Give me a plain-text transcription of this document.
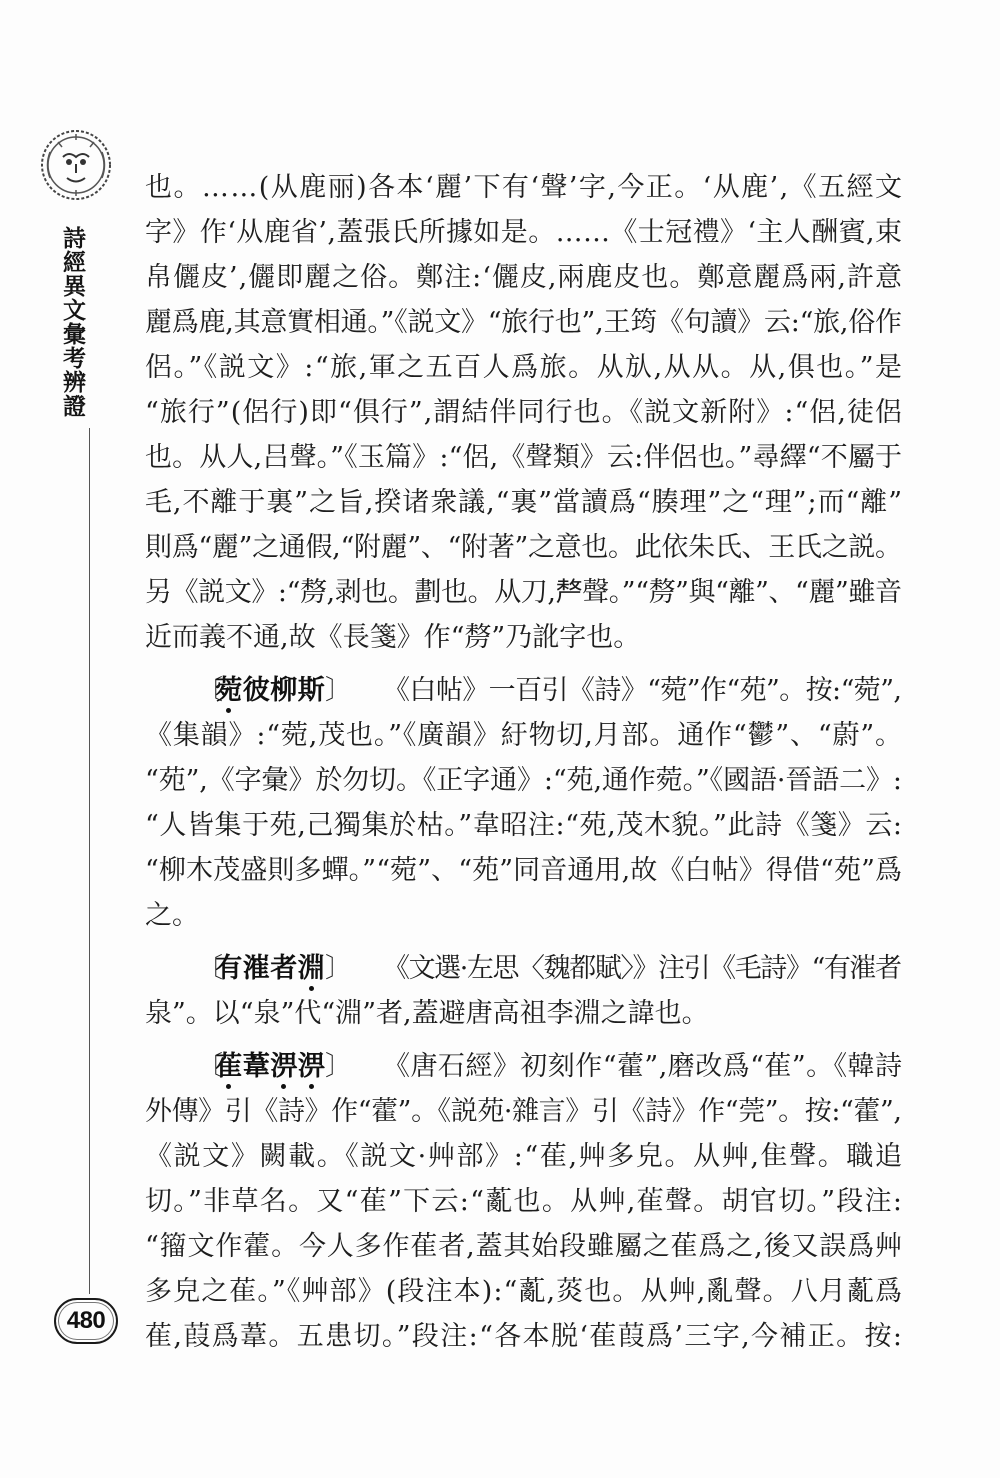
詩經異文彙考辨證
480
也。……(从鹿丽)各本‘麗’下有‘聲’字,今正。‘从鹿’,《五經文
字》作‘从鹿省’,蓋張氏所據如是。……《士冠禮》‘主人酬賓,束
帛儷皮’,儷即麗之俗。鄭注:‘儷皮,兩鹿皮也。鄭意麗爲兩,許意
麗爲鹿,其意實相通。”《説文》“旅行也”,王筠《句讀》云:“旅,俗作
侶。”《説文》:“旅,軍之五百人爲旅。从㫃,从从。从,俱也。”是
“旅行”(侶行)即“俱行”,謂結伴同行也。《説文新附》:“侶,徒侶
也。从人,吕聲。”《玉篇》:“侶,《聲類》云:伴侶也。”尋繹“不屬于
毛,不離于裏”之旨,揆诸衆議,“裏”當讀爲“腠理”之“理”;而“離”
則爲“麗”之通假,“附麗”、“附著”之意也。此依朱氏、王氏之説。
另《説文》:“剺,剥也。劃也。从刀,𠩺聲。”“剺”與“離”、“麗”雖音
近而義不通,故《長箋》作“剺”乃訛字也。
〔菀彼柳斯〕 《白帖》一百引《詩》“菀”作“苑”。按:“菀”,
《集韻》:“菀,茂也。”《廣韻》紆物切,月部。通作“鬱”、“蔚”。
“苑”,《字彙》於勿切。《正字通》:“苑,通作菀。”《國語·晉語二》:
“人皆集于苑,己獨集於枯。”韋昭注:“苑,茂木貌。”此詩《箋》云:
“柳木茂盛則多蟬。”“菀”、“苑”同音通用,故《白帖》得借“苑”爲
之。
〔有漼者淵〕 《文選·左思〈魏都賦〉》注引《毛詩》“有漼者
泉”。以“泉”代“淵”者,蓋避唐高祖李淵之諱也。
〔萑葦淠淠〕 《唐石經》初刻作“藿”,磨改爲“萑”。《韓詩
外傳》引《詩》作“藿”。《説苑·雜言》引《詩》作“莞”。按:“藿”,
《説文》闕載。《説文·艸部》:“萑,艸多皃。从艸,隹聲。職追
切。”非草名。又“萑”下云:“薍也。从艸,雈聲。胡官切。”段注:
“籀文作藿。今人多作萑者,蓋其始段雖屬之萑爲之,後又誤爲艸
多皃之萑。”《艸部》(段注本):“薍,菼也。从艸,亂聲。八月薍爲
萑,葭爲葦。五患切。”段注:“各本脱‘萑葭爲’三字,今補正。按:
